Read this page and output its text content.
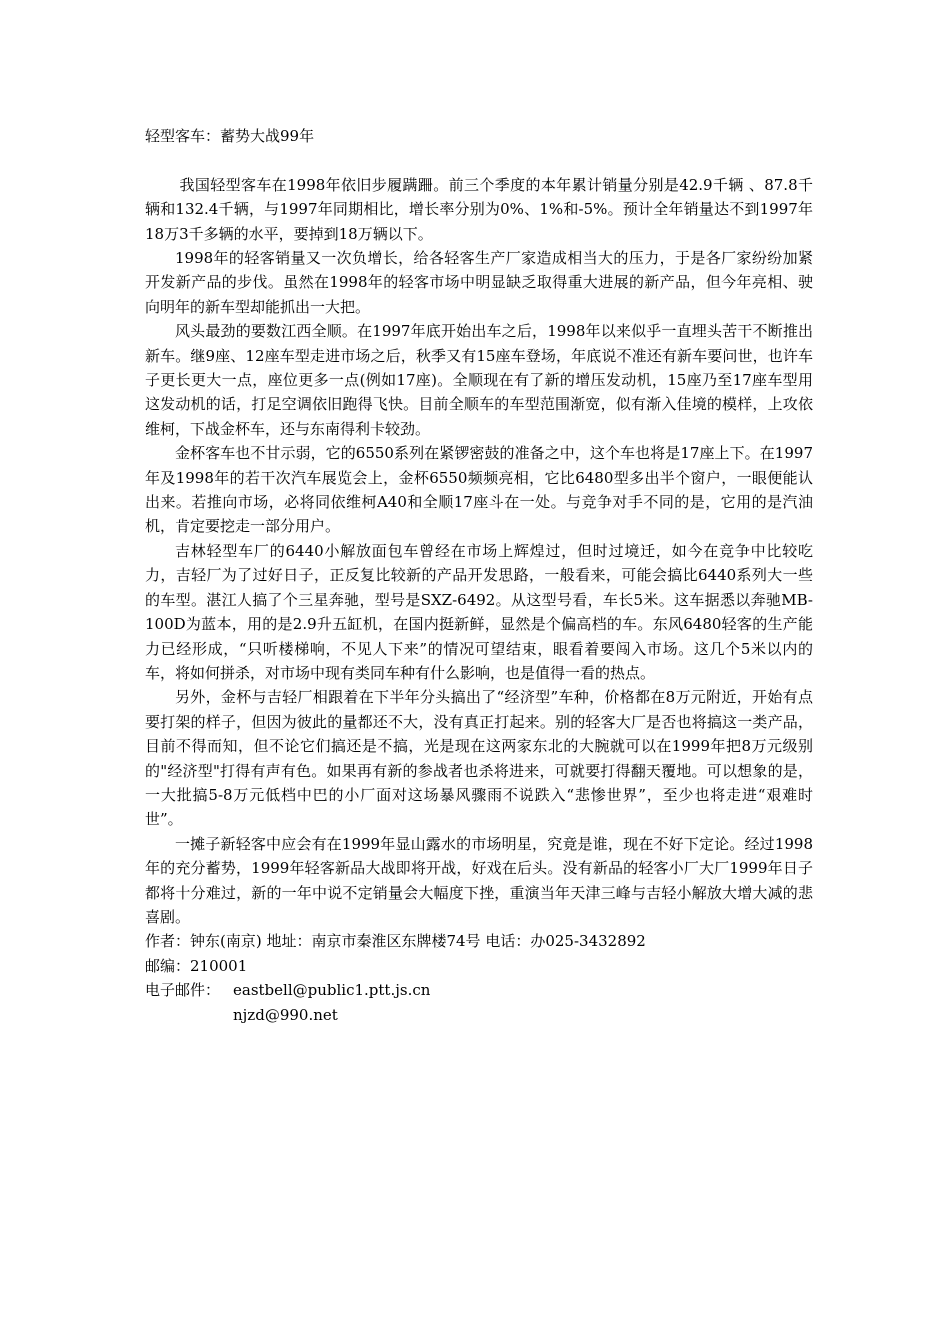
轻型客车：蓄势大战99年

我国轻型客车在1998年依旧步履蹒跚。前三个季度的本年累计销量分别是42.9千辆 、87.8千辆和132.4千辆，与1997年同期相比，增长率分别为0%、1%和-5%。预计全年销量达不到1997年18万3千多辆的水平，要掉到18万辆以下。

1998年的轻客销量又一次负增长，给各轻客生产厂家造成相当大的压力，于是各厂家纷纷加紧开发新产品的步伐。虽然在1998年的轻客市场中明显缺乏取得重大进展的新产品，但今年亮相、驶向明年的新车型却能抓出一大把。

风头最劲的要数江西全顺。在1997年底开始出车之后，1998年以来似乎一直埋头苦干不断推出新车。继9座、12座车型走进市场之后，秋季又有15座车登场，年底说不准还有新车要问世，也许车子更长更大一点，座位更多一点(例如17座)。全顺现在有了新的增压发动机，15座乃至17座车型用这发动机的话，打足空调依旧跑得飞快。目前全顺车的车型范围渐宽，似有渐入佳境的模样，上攻依维柯，下战金杯车，还与东南得利卡较劲。

金杯客车也不甘示弱，它的6550系列在紧锣密鼓的准备之中，这个车也将是17座上下。在1997年及1998年的若干次汽车展览会上，金杯6550频频亮相，它比6480型多出半个窗户，一眼便能认出来。若推向市场，必将同依维柯A40和全顺17座斗在一处。与竞争对手不同的是，它用的是汽油机，肯定要挖走一部分用户。

吉林轻型车厂的6440小解放面包车曾经在市场上辉煌过，但时过境迁，如今在竞争中比较吃力，吉轻厂为了过好日子，正反复比较新的产品开发思路，一般看来，可能会搞比6440系列大一些的车型。湛江人搞了个三星奔驰，型号是SXZ-6492。从这型号看，车长5米。这车据悉以奔驰MB-100D为蓝本，用的是2.9升五缸机，在国内挺新鲜，显然是个偏高档的车。东风6480轻客的生产能力已经形成，“只听楼梯响，不见人下来”的情况可望结束，眼看着要闯入市场。这几个5米以内的车，将如何拼杀，对市场中现有类同车种有什么影响，也是值得一看的热点。

另外，金杯与吉轻厂相跟着在下半年分头搞出了“经济型”车种，价格都在8万元附近，开始有点要打架的样子，但因为彼此的量都还不大，没有真正打起来。别的轻客大厂是否也将搞这一类产品，目前不得而知，但不论它们搞还是不搞，光是现在这两家东北的大腕就可以在1999年把8万元级别的"经济型"打得有声有色。如果再有新的参战者也杀将进来，可就要打得翻天覆地。可以想象的是，一大批搞5-8万元低档中巴的小厂面对这场暴风骤雨不说跌入“悲惨世界”，至少也将走进“艰难时世”。

一摊子新轻客中应会有在1999年显山露水的市场明星，究竟是谁，现在不好下定论。经过1998年的充分蓄势，1999年轻客新品大战即将开战，好戏在后头。没有新品的轻客小厂大厂1999年日子都将十分难过，新的一年中说不定销量会大幅度下挫，重演当年天津三峰与吉轻小解放大增大减的悲喜剧。

作者：钟东(南京) 地址：南京市秦淮区东牌楼74号 电话：办025-3432892

邮编：210001

电子邮件： eastbell@public1.ptt.js.cn

njzd@990.net
